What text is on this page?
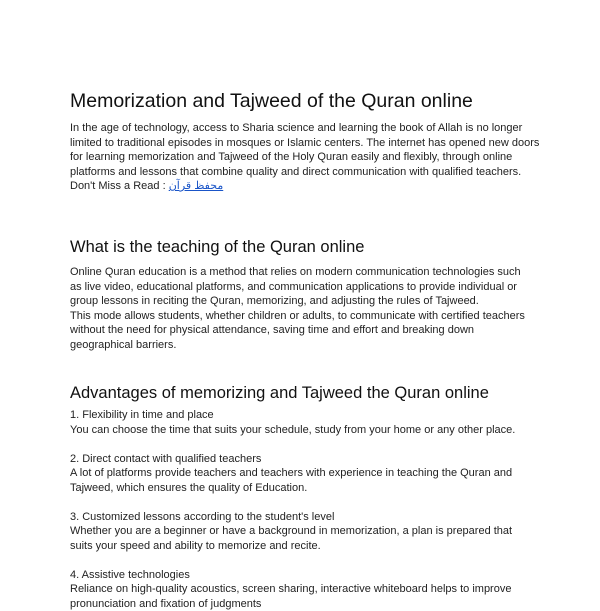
Memorization and Tajweed of the Quran online
In the age of technology, access to Sharia science and learning the book of Allah is no longer limited to traditional episodes in mosques or Islamic centers. The internet has opened new doors for learning memorization and Tajweed of the Holy Quran easily and flexibly, through online platforms and lessons that combine quality and direct communication with qualified teachers.
Don't Miss a Read : محفظ قرآن
What is the teaching of the Quran online
Online Quran education is a method that relies on modern communication technologies such as live video, educational platforms, and communication applications to provide individual or group lessons in reciting the Quran, memorizing, and adjusting the rules of Tajweed.
This mode allows students, whether children or adults, to communicate with certified teachers without the need for physical attendance, saving time and effort and breaking down geographical barriers.
Advantages of memorizing and Tajweed the Quran online
1. Flexibility in time and place
You can choose the time that suits your schedule, study from your home or any other place.
2. Direct contact with qualified teachers
A lot of platforms provide teachers and teachers with experience in teaching the Quran and Tajweed, which ensures the quality of Education.
3. Customized lessons according to the student's level
Whether you are a beginner or have a background in memorization, a plan is prepared that suits your speed and ability to memorize and recite.
4. Assistive technologies
Reliance on high-quality acoustics, screen sharing, interactive whiteboard helps to improve pronunciation and fixation of judgments
